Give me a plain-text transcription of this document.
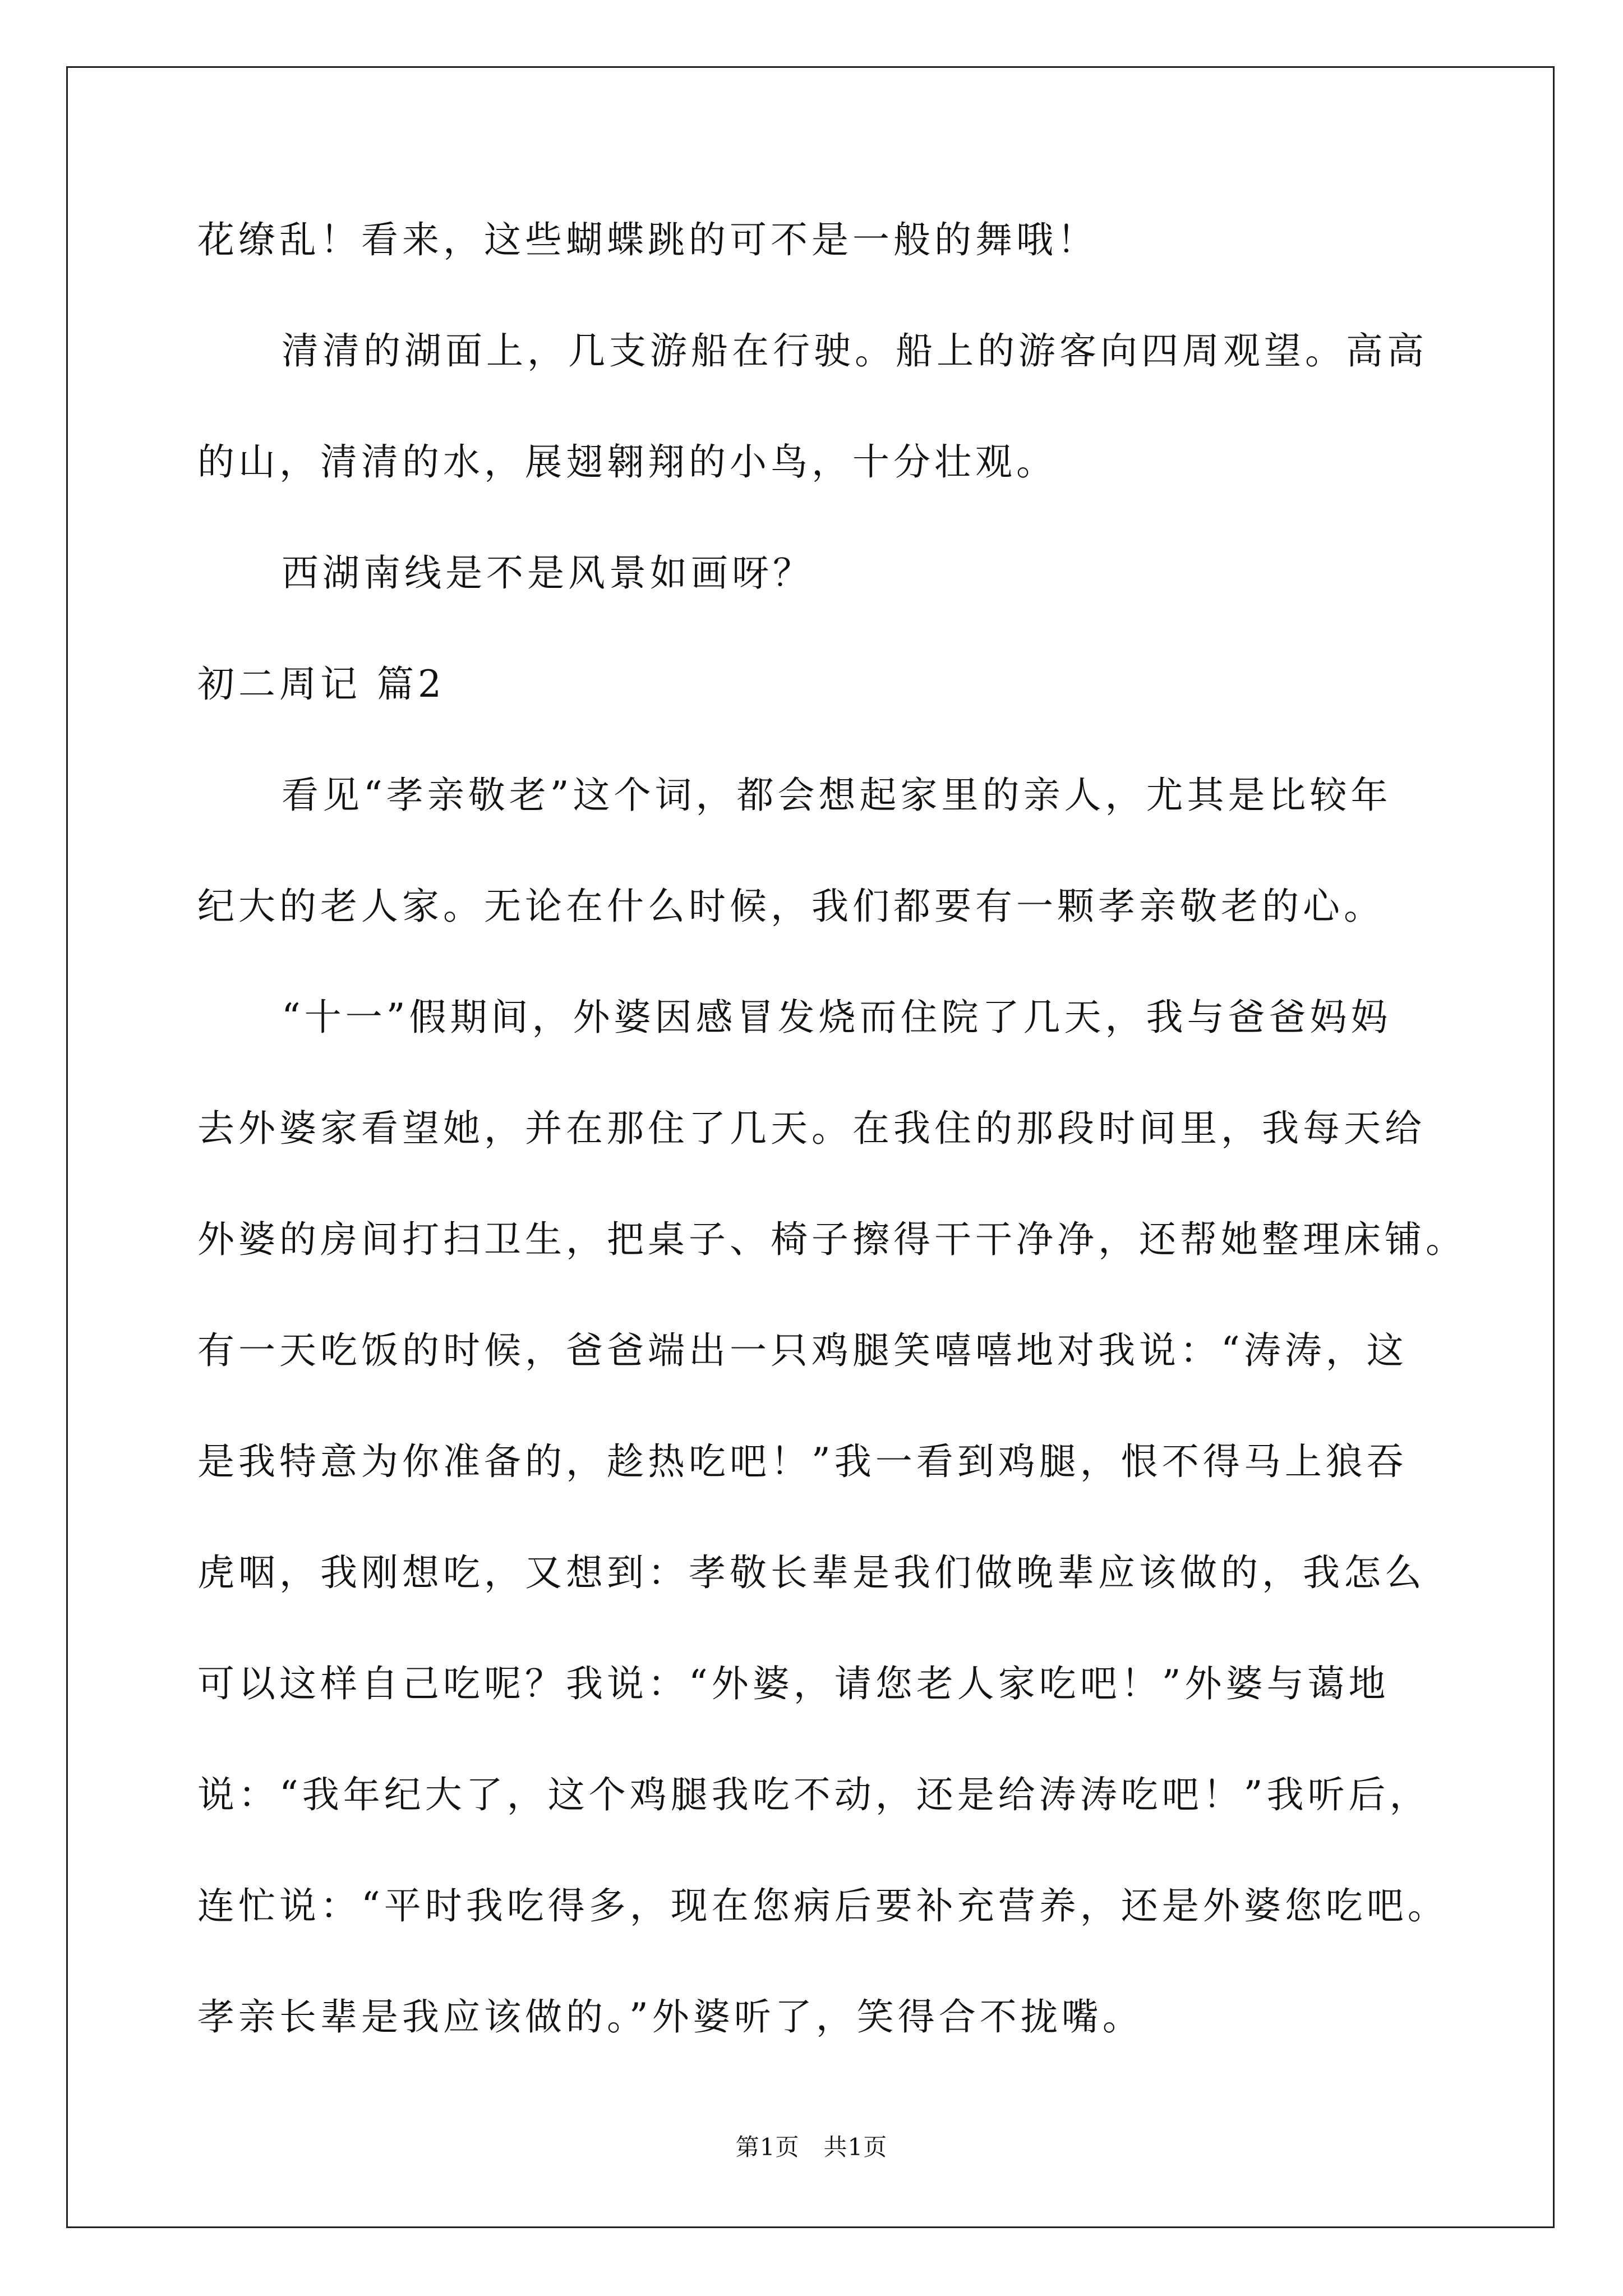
花缭乱！看来，这些蝴蝶跳的可不是一般的舞哦！
清清的湖面上，几支游船在行驶。船上的游客向四周观望。高高
的山，清清的水，展翅翱翔的小鸟，十分壮观。
西湖南线是不是风景如画呀？
初二周记 篇2
看见“孝亲敬老”这个词，都会想起家里的亲人，尤其是比较年
纪大的老人家。无论在什么时候，我们都要有一颗孝亲敬老的心。
“十一”假期间，外婆因感冒发烧而住院了几天，我与爸爸妈妈
去外婆家看望她，并在那住了几天。在我住的那段时间里，我每天给
外婆的房间打扫卫生，把桌子、椅子擦得干干净净，还帮她整理床铺。
有一天吃饭的时候，爸爸端出一只鸡腿笑嘻嘻地对我说：“涛涛，这
是我特意为你准备的，趁热吃吧！”我一看到鸡腿，恨不得马上狼吞
虎咽，我刚想吃，又想到：孝敬长辈是我们做晚辈应该做的，我怎么
可以这样自己吃呢？我说：“外婆，请您老人家吃吧！”外婆与蔼地
说：“我年纪大了，这个鸡腿我吃不动，还是给涛涛吃吧！”我听后，
连忙说：“平时我吃得多，现在您病后要补充营养，还是外婆您吃吧。
孝亲长辈是我应该做的。”外婆听了，笑得合不拢嘴。
第1页　共1页
